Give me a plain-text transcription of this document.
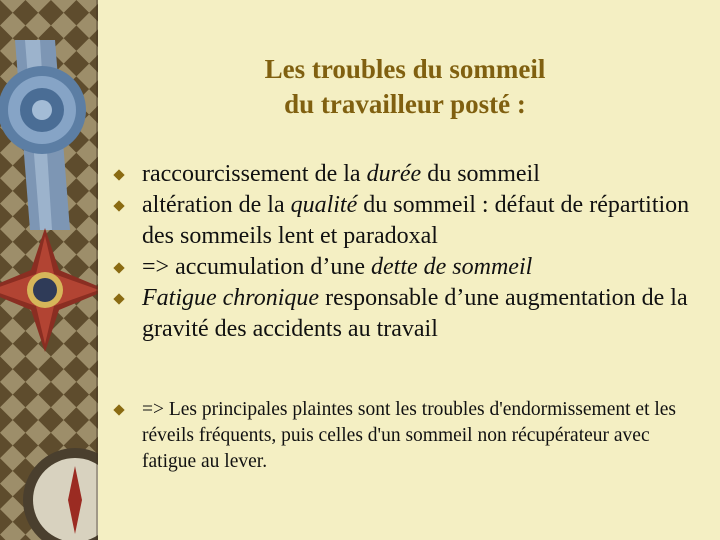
Les troubles du sommeil
du travailleur posté :
raccourcissement de la durée du sommeil
altération de la qualité du sommeil : défaut de répartition des sommeils lent et paradoxal
=> accumulation d’une dette de sommeil
Fatigue chronique responsable d’une augmentation de la gravité des accidents au travail
=> Les principales plaintes sont les troubles d'endormissement et les réveils fréquents, puis celles d'un sommeil non récupérateur avec fatigue au lever.
